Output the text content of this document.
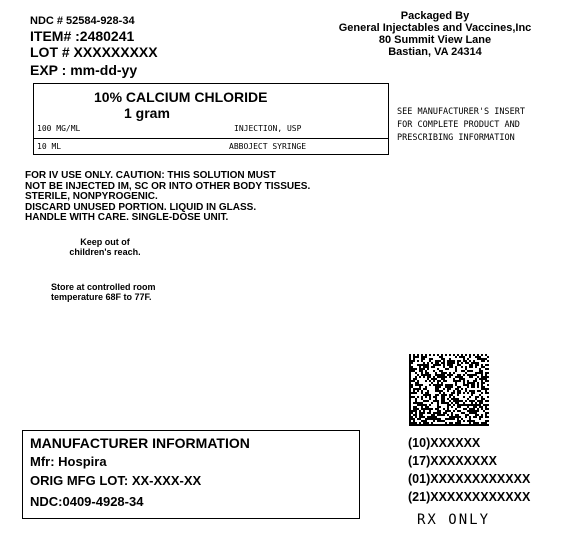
NDC # 52584-928-34
ITEM# :2480241
LOT # XXXXXXXXX
EXP : mm-dd-yy
Packaged By
General Injectables and Vaccines,Inc
80 Summit View Lane
Bastian, VA 24314
10% CALCIUM CHLORIDE
1 gram
100 MG/ML	INJECTION, USP
10 ML	ABBOJECT SYRINGE
SEE MANUFACTURER'S INSERT
FOR COMPLETE PRODUCT AND
PRESCRIBING INFORMATION
FOR IV USE ONLY. CAUTION: THIS SOLUTION MUST
NOT BE INJECTED IM, SC OR INTO OTHER BODY TISSUES.
STERILE, NONPYROGENIC.
DISCARD UNUSED PORTION. LIQUID IN GLASS.
HANDLE WITH CARE. SINGLE-DOSE UNIT.
Keep out of
children's reach.
Store at controlled room
temperature 68F to 77F.
(10)XXXXXX
(17)XXXXXXXX
(01)XXXXXXXXXXXX
(21)XXXXXXXXXXXX
RX ONLY
MANUFACTURER INFORMATION
Mfr: Hospira
ORIG MFG LOT: XX-XXX-XX
NDC:0409-4928-34
